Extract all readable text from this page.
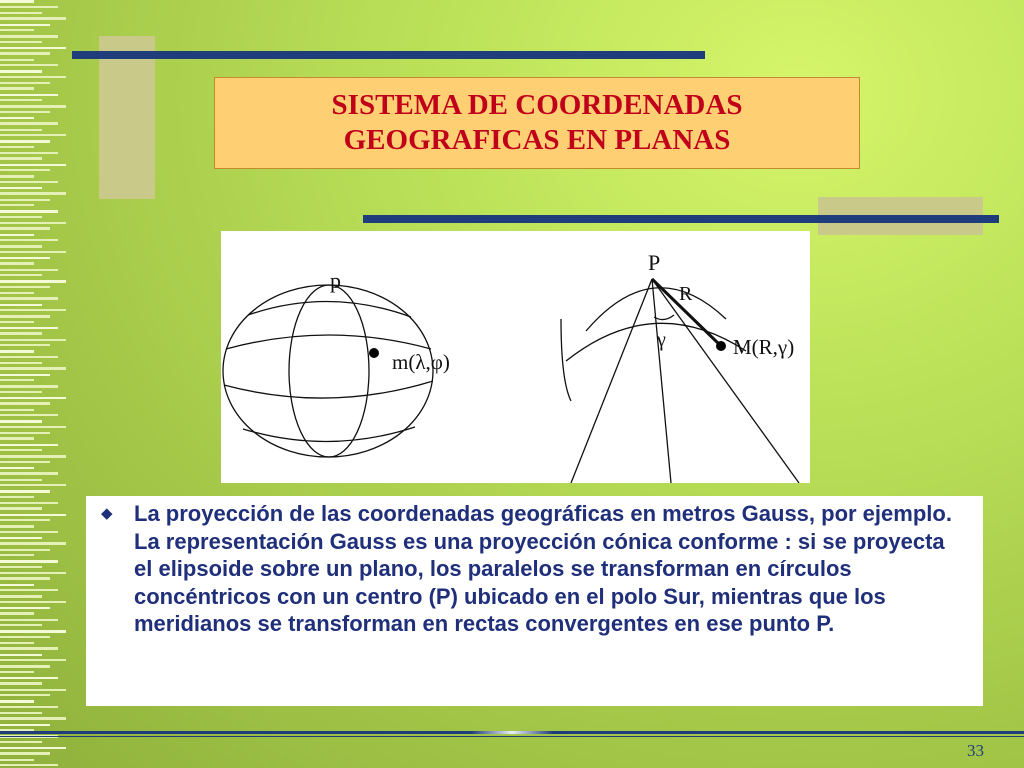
SISTEMA DE COORDENADAS
GEOGRAFICAS EN PLANAS
p
m(λ,φ)
P
R
γ	M(R,γ)
◆ La proyección de las coordenadas geográficas en metros Gauss, por ejemplo. La representación Gauss es una proyección cónica conforme : si se proyecta el elipsoide sobre un plano, los paralelos se transforman en círculos concéntricos con un centro (P) ubicado en el polo Sur, mientras que los meridianos se transforman en rectas convergentes en ese punto P.

33
